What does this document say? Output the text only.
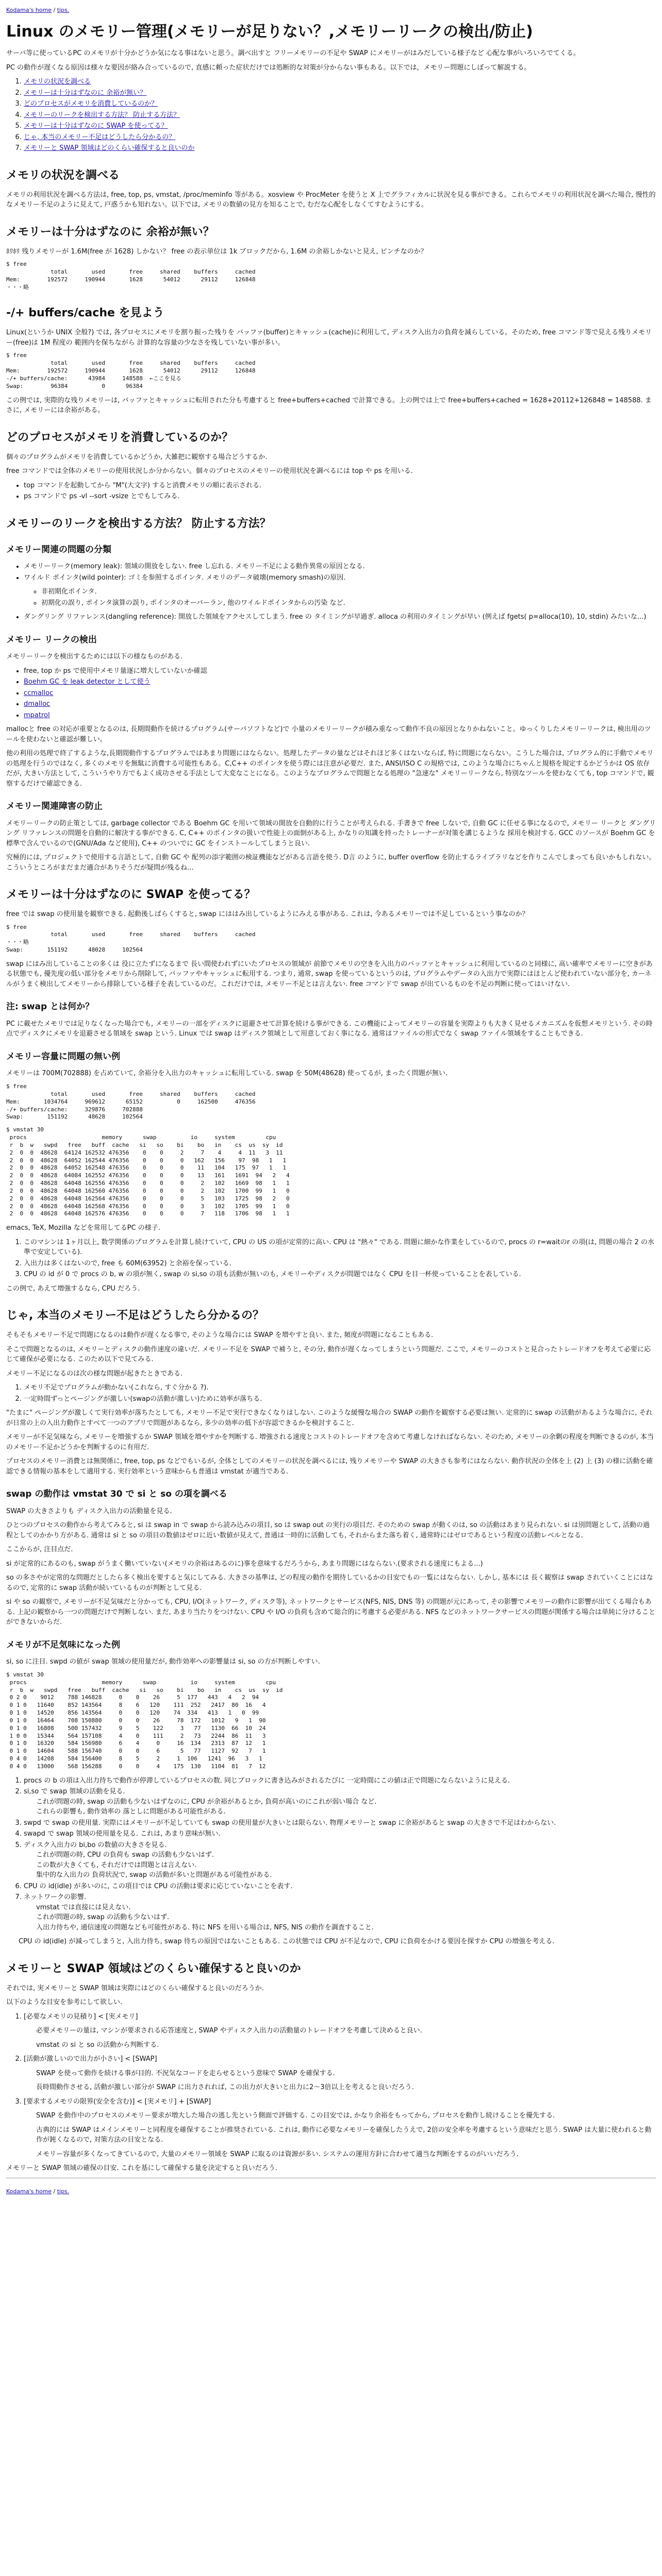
Kodama's home / tips.
Linux のメモリー管理(メモリーが足りない？,メモリーリークの検出/防止)

サーバ等に使っているPC のメモリが十分かどうか気になる事はないと思う。調べ出すと フリーメモリーの不足や SWAP にメモリーがはみだしている様子など 心配な事がいろいろでてくる。

PC の動作が遅くなる原因は様々な要因が絡み合っているので, 直感に頼った症状だけでは処断的な対策が分からない事もある。以下では，メモリー問題にしぼって解説する。

1. メモリの状況を調べる
2. メモリーは十分はずなのに 余裕が無い？
3. どのプロセスがメモリを消費しているのか？
4. メモリーのリークを検出する方法？ 防止する方法？
5. メモリーは十分はずなのに SWAP を使ってる？
6. じゃ, 本当のメモリー不足はどうしたら分かるの？
7. メモリーと SWAP 領域はどのくらい確保すると良いのか
メモリの状況を調べる

メモリの利用状況を調べる方法は, free, top, ps, vmstat, /proc/meminfo 等がある。xosview や ProcMeter を使うと X 上でグラフィカルに状況を見る事ができる。これらでメモリの利用状況を調べた場合, 慢性的なメモリー不足のように見えて, 戸惑うかも知れない。以下では, メモリの数値の見方を知ることで, むだな心配をしなくてすむようにする。

メモリーは十分はずなのに 余裕が無い？

ﾎﾘﾎﾘ 残りメモリーが 1.6M(free が 1628) しかない？ free の表示単位は 1k ブロックだから, 1.6M の余裕しかないと見え, ピンチなのか？

$ free
total       used       free     shared    buffers     cached
Mem:        192572     190944       1628      54012      29112     126848
・・・略
-/+ buffers/cache を見よう

Linux(というか UNIX 全般?) では, 各プロセスにメモリを割り振った残りを バッファ(buffer)とキャッシュ(cache)に利用して, ディスク入出力の負荷を減らしている。そのため, free コマンド等で見える残りメモリー(free)は 1M 程度の 範囲内を保ちながら 計算的な容量の少なさを残していない事が多い。

$ free
total       used       free     shared    buffers     cached
Mem:        192572     190944       1628      54012      29112     126848
-/+ buffers/cache:      43984     148588  ←ここを見る
Swap:        96384          0      96384

この例では, 実際的な残りメモリーは, バッファとキャッシュに転用された分も考慮すると free+buffers+cached で計算できる。上の例では上で free+buffers+cached = 1628+20112+126848 = 148588. まさに, メモリーには余裕がある。

どのプロセスがメモリを消費しているのか？

個々のプログラムがメモリを消費しているかどうか, 大雑把に観察する場合どうするか.

free コマンドでは全体のメモリーの使用状況しか分からない。個々のプロセスのメモリーの使用状況を調べるには top や ps を用いる.

• top コマンドを起動してから "M"(大文字) すると消費メモリの順に表示される.
• ps コマンドで ps -vl --sort -vsize とでもしてみる.
メモリーのリークを検出する方法？ 防止する方法？
メモリー関連の問題の分類
• メモリーリーク(memory leak): 領域の開放をしない. free し忘れる. メモリー不足による動作異常の原因となる.
• ワイルド ポインタ(wild pointer): ゴミを参照するポインタ. メモリのデータ破壊(memory smash)の原因.
◦ 非初期化ポインタ.
◦ 初期化の誤り, ポインタ演算の誤り, ポインタのオーバーラン, 他のワイルドポインタからの汚染 など.
• ダングリング リファレンス(dangling reference): 開放した領域をアクセスしてしまう. free の タイミングが早過ぎ. alloca の利用のタイミングが早い (例えば fgets( p=alloca(10), 10, stdin) みたいな...)
メモリー リークの検出

メモリーリークを検出するためには以下の様なものがある.

• free, top か ps で使用中メモリ量逐に増大していないか確認
• Boehm GC を leak detector として使う
• ccmalloc
• dmalloc
• mpatrol

mallocと free の対応が重要となるのは, 長期間動作を続けるプログラム(サーバソフトなど)で 小量のメモリーリークが積み重なって動作不良の原因となりかねないこと。ゆっくりしたメモリーリークは, 検出用のツールを使わないと確認が難しい。

他の利用の処理で終了するような,長期間動作するプログラムではあまり問題にはならない。処理したデータの量などはそれほど多くはないならば, 特に問題にならない。こうした場合は, プログラム的に手動でメモリの処理を行うのではなく, 多くのメモリを無駄に消費する可能性もある。C,C++ のポインタを使う際には注意が必要だ. また, ANSI/ISO C の規格では, このような場合にちゃんと規格を規定するかどうかは OS 依存だが, 大きい方法として, こういうやり方でもよく成功させる手法として大変なことになる。このようなプログラムで問題となる処理の "急速な" メモリーリークなら, 特別なツールを使わなくても, top コマンドで, 観察するだけで確認できる.

メモリー関連障害の防止

メモリーリークの防止策としては, garbage collector である Boehm GC を用いて領域の開放を自動的に行うことが考えられる. 手書きで free しないで, 自動 GC に任せる事になるので, メモリー リークと ダングリング リファレンスの問題を自動的に解決する事ができる. C, C++ のポインタの扱いで性能上の面倒がある上, かなりの知識を持ったトレーナーが対策を講じるような 採用を検討する. GCC のソースが Boehm GC を標準で含んでいるので(GNU/Ada など使用), C++ のついでに GC をインストールしてしまうと良い.

究極的には, プロジェクトで使用する言語として, 自動 GC や 配列の添字範囲の検証機能などがある言語を使う. D言 のように, buffer overflow を防止するライブラリなどを作りこんでしまっても良いかもしれない。こういうところがまだまだ適合がありそうだが疑問が残るね...

メモリーは十分はずなのに SWAP を使ってる？

free では swap の使用量を観察できる. 起動後しばらくすると, swap にははみ出しているようにみえる事がある. これは, 今あるメモリーでは不足しているという事なのか？

$ free
total       used       free     shared    buffers     cached
・・・略
Swap:       151192      48028     102564

swap にはみ出していることの多くは 役に立たずになるまで 長い間使われずにいたプロセスの領域が 前節でメモリの空きを入出力のバッファとキャッシュに利用しているのと同様に, 高い確率でメモリーに空きがある状態でも, 優先度の低い部分をメモリから削除して, バッファやキャッシュに転用する. つまり, 通常, swap を使っているというのは, プログラムやデータの入出力で実際にはほとんど使われていない部分を, カーネルがうまく検出してメモリーから排除している様子を表しているのだ。これだけでは, メモリー不足とは言えない. free コマンドで swap が出ているものを不足の判断に使ってはいけない.

注: swap とは何か？

PC に載せたメモリでは足りなくなった場合でも, メモリーの一部をディスクに退避させて計算を続ける事ができる. この機能によってメモリーの容量を実際よりも大きく見せるメカニズムを仮想メモリという. その時点でディスクにメモリを退避させる領域を swap という. Linux では swap はディスク領域として用意しておく事になる. 通常はファイルの形式でなく swap ファイル領域をすることもできる.

メモリー容量に問題の無い例

メモリーは 700M(702888) を占めていて, 余裕分を入出力のキャッシュに転用している. swap を 50M(48628) 使ってるが, まったく問題が無い.

$ free
total       used       free     shared    buffers     cached
Mem:       1034764     969612      65152          0     162500     476356
-/+ buffers/cache:     329876     702888
Swap:       151192      48628     102564
$ vmstat 30
procs                      memory      swap          io     system         cpu
r  b  w   swpd   free   buff  cache   si   so    bi    bo   in    cs  us  sy  id
2  0  0  48628  64124 162532 476356    0    0     2     7    4     4  11   3  11
2  0  0  48628  64052 162544 476356    0    0     0   162   156    97  98   1   1
2  0  0  48628  64052 162548 476356    0    0     0    11   104   175  97   1   1
2  0  0  48628  64084 162552 476356    0    0     0    13   161   1691  94   2   4
2  0  0  48628  64048 162556 476356    0    0     0     2   102   1669  98   1   1
2  0  0  48628  64048 162560 476356    0    0     0     2   102   1700  99   1   0
2  0  0  48628  64048 162564 476356    0    0     0     5   103   1725  98   2   0
2  0  0  48628  64048 162568 476356    0    0     0     3   102   1705  99   1   0
2  0  0  48628  64048 162576 476356    0    0     0     7   118   1706  98   1   1

emacs, TeX, Mozilla などを常用してるPC の様子.

1. このマシンは 1ヶ月以上, 数学関係のプログラムを計算し続けていて, CPU の US の項が定常的に高い. CPU は "熱々" である. 問題に細かな作業をしているので, procs の r=waitのr の項(は, 問題の場合 2 の水準で安定している).
2. 入出力は多くはないので, free も 60M(63952) と余裕を保っている.
3. CPU の id が 0 で procs の b, w の項が無く, swap の si,so の項も活動が無いのも, メモリーやディスクが問題ではなく CPU を目一杯使っていることを表している.

この例で, あえて増強するなら, CPU だろう.

じゃ, 本当のメモリー不足はどうしたら分かるの？

そもそもメモリー不足で問題になるのは動作が遅くなる事で, そのような場合には SWAP を増やすと良い. また, 頻度が問題になることもある.

そこで問題となるのは, メモリーとディスクの動作速度の違いだ. メモリー不足を SWAP で補うと, その分, 動作が遅くなってしまうという問題だ. ここで, メモリーのコストと見合ったトレードオフを考えて必要に応じて確保が必要になる. このため以下で見てみる.

メモリー不足になるのは次の様な問題が起きたときである.

1. メモリ不足でプログラムが動かない(これなら, すぐ分かる ?).
2. 一定時間ずっとページングが激しい(swapの活動が激しい)ために効率が落ちる.

"たまに" ページングが激しくて実行効率が落ちたとしても, メモリー不足で実行できなくなりはしない. このような緩慢な場合の SWAP の動作を観察する必要は無い. 定常的に swap の活動があるような場合に, それが日常の上の入出力動作とすべて一つのアプリで問題があるなら, 多少の効率の低下が容認できるかを検討すること.

メモリーが不足気味なら, メモリーを増強するか SWAP 領域を増やすかを判断する. 増強される速度とコストのトレードオフを含めて考慮しなければならない. そのため, メモリーの余剰の程度を判断できるのが, 本当のメモリー不足かどうかを判断するのに有用だ.

プロセスのメモリー消費とは無関係に, free, top, ps などでもいるが, 全体としてのメモリーの状況を調べるには, 残りメモリーや SWAP の大きさも参考にはならない. 動作状況の全体を上 (2) 上 (3) の様に活動を確認できる情報の基本をして適用する. 実行効率という意味からも普通は vmstat が適当である.

swap の動作は vmstat 30 で si と so の項を調べる

SWAP の大きさよりも ディスク入出力の活動量を見る.

ひとつのプロセスの動作から考えてみると, si は swap in で swap から読み込みの項目, so は swap out の実行の項目だ. そのための swap が動くのは, so の活動はあまり見られない. si は別問題として, 活動の過程としてのかかり方がある. 通常は si と so の項目の数値はゼロに近い数値が見えて, 普通は一時的に活動しても, それからまた落ち着く, 通常時にはゼロであるという程度の活動レベルとなる.

ここからが, 注目点だ.

si が定常的にあるのも, swap がうまく働いていない(メモリの余裕はあるのに)事を意味するだろうから, あまり問題にはならない.(要求される速度にもよる...)

so の多さやが定常的な問題だとしたら多く検出を要すると気にしてみる. 大きさの基準は, どの程度の動作を期待しているかの目安でもの一覧にはならない. しかし, 基本には 長く観察は swap されていくことにはなるので, 定常的に swap 活動が続いているものが判断として見る.

si や so の観察で, メモリーが不足気味だと分かっても, CPU, I/O(ネットワーク, ディスク等), ネットワークとサービス(NFS, NIS, DNS 等) の問題が元にあって, その影響でメモリーの動作に影響が出てくる場合もある. 上記の観察から一つの問題だけで判断しない. まだ, あまり当たりをつけない. CPU や I/O の負荷も含めて総合的に考慮する必要がある. NFS などのネットワークサービスの問題が関係する場合は単純に分けることができないからだ.

メモリが不足気味になった例

si, so に注目. swpd の値が swap 領域の使用量だが, 動作効率への影響量は si, so の方が判断しやすい.

$ vmstat 30
procs                      memory      swap          io     system         cpu
r  b  w   swpd   free   buff  cache   si   so    bi    bo   in    cs  us  sy  id
0 2 0    9012    788 146828     0    0    26     5  177   443   4   2  94
0 1 0   11640    852 143564     8    6   120    111  252   2417  80  16   4
0 1 0   14520    856 143564     0    0   120    74  334   413   1   0  99
0 1 0   16464    708 150880     0    0    26     78  172   1012   9   1  90
0 1 0   16808    500 157432     9    5    122     3   77   1130  66  10  24
1 0 0   15344    564 157108     4    0    111     2   73   2244  86  11   3
0 1 0   16320    584 156980     6    4     0     16  134   2313  87  12   1
0 1 0   14604    588 156740     0    0     6      5   77   1127  92   7   1
0 4 0   14208    584 156400     8    5     2     1  106   1241  96   3   1
0 4 0   13000    568 156288     0    0     4    175  130   1104  81   7  12
1. procs の b の項は入出力待ちで動作が停滞しているプロセスの数. 同じブロックに書き込みがされるたびに 一定時間にこの値は正で問題にならないように見える.
2. si,so で swap 領域の活動を見る.
これが問題の時, swap の活動も少ないはずなのに, CPU が余裕があるとか, 負荷が高いのにこれが弱い場合 など.
これらの影響も, 動作効率の 落としに問題がある可能性がある.
3. swpd で swap の使用量. 実際にはメモリーが不足していても swap の使用量が大きいとは限らない. 物理メモリーと swap に余裕があると swap の大きさで不足はわからない.
4. swapd で swap 領域の使用量を見る. これは, あまり意味が無い.
5. ディスク入出力の bi,bo の数値の大きさを見る.
これが問題の時, CPU の負荷も swap の活動も少ないはず.
この数が大きくても, それだけでは問題とは言えない.
集中的な入出力の 負荷状況で, swap の活動が多いと問題がある可能性がある.
6. CPU の id(idle) が多いのに, この項目では CPU の活動は要求に応じていないことを表す.
7. ネットワークの影響.
vmstat では直接には見えない.
これが問題の時, swap の活動も少ないはず.
入出力待ちや, 通信速度の問題なども可能性がある. 特に NFS を用いる場合は, NFS, NIS の動作を調査すること.

CPU の id(idle) が減ってしまうと, 入出力待ち, swap 待ちの原因ではないこともある. この状態では CPU が不足なので, CPU に負荷をかける要因を探すか CPU の増強を考える.

メモリーと SWAP 領域はどのくらい確保すると良いのか

それでは, 実メモリーと SWAP 領域は実際にはどのくらい確保すると良いのだろうか.

以下のような目安を参考にして欲しい.

1. [必要なメモリの見積り] < [実メモリ]

必要メモリーの量は, マシンが要求される応答速度と, SWAP やディスク入出力の活動量のトレードオフを考慮して決めると良い.

vmstat の si と so の活動から判断する.

2. [活動が激しいので出力が小さい] < [SWAP]

SWAP を使って動作を続ける事が目的. 不況気なコードを走らせるという意味で SWAP を確保する.

長時間動作させる, 活動が激しい部分が SWAP に出力されれば, この出力が大きいと出力に2～3倍以上を考えると良いだろう.

3. [要求するメモリの限界(安全を含む)] < [実メモリ] + [SWAP]

SWAP を動作中のプロセスのメモリー要求が増大した場合の逃し先という側面で評価する. この目安では, かなり余裕をもってから, プロセスを動作し続けることを優先する.

古典的には SWAP はメインメモリーと同程度を確保することが推奨されている. これは, 動作に必要なメモリーを確保したうえで, 2倍の安全率を考慮するという意味だと思う. SWAP は大量に使われると動作が鈍くなるので, 対策方法の目安となる.

メモリー容量が多くなってきているので, 大量のメモリー領域を SWAP に取るのは資源が多い. システムの運用方針に合わせて適当な判断をするのがいいだろう.

メモリーと SWAP 領域の確保の目安. これを基にして確保する量を決定すると良いだろう.

Kodama's home / tips.
